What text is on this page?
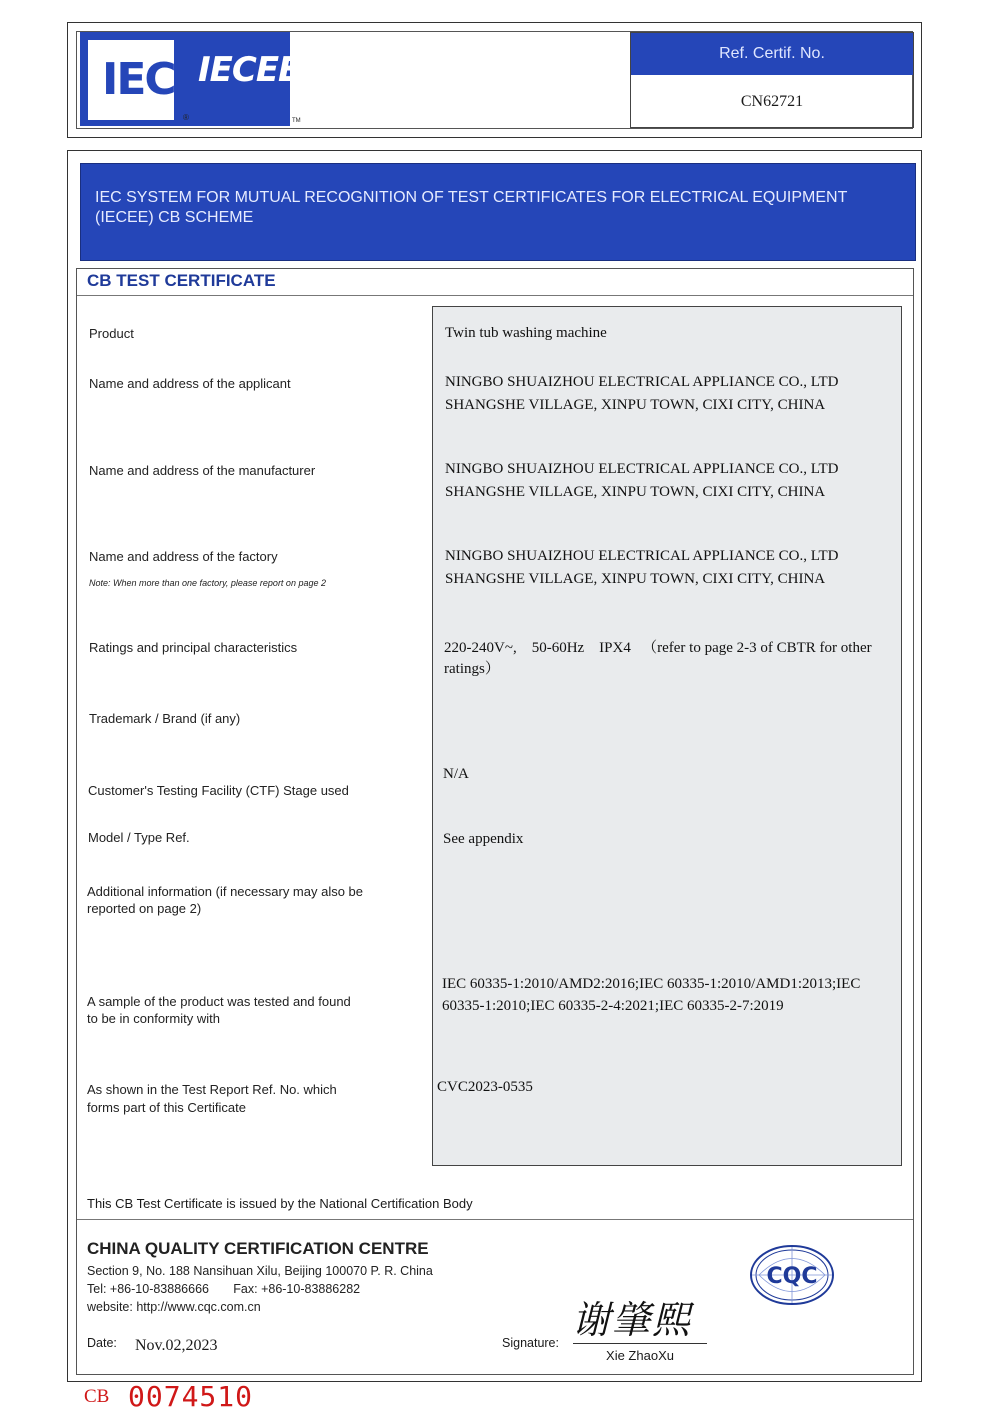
IEC IECEE
®	TM
Ref. Certif. No.
CN62721
IEC SYSTEM FOR MUTUAL RECOGNITION OF TEST CERTIFICATES FOR ELECTRICAL EQUIPMENT (IECEE) CB SCHEME
CB TEST CERTIFICATE
Product
Name and address of the applicant
Name and address of the manufacturer
Name and address of the factory
Note: When more than one factory, please report on page 2
Ratings and principal characteristics
Trademark / Brand (if any)
Customer's Testing Facility (CTF) Stage used
Model / Type Ref.
Additional information (if necessary may also be
reported on page 2)
A sample of the product was tested and found
to be in conformity with
As shown in the Test Report Ref. No. which
forms part of this Certificate
Twin tub washing machine
NINGBO SHUAIZHOU ELECTRICAL APPLIANCE CO., LTD
SHANGSHE VILLAGE, XINPU TOWN, CIXI CITY, CHINA
NINGBO SHUAIZHOU ELECTRICAL APPLIANCE CO., LTD
SHANGSHE VILLAGE, XINPU TOWN, CIXI CITY, CHINA
NINGBO SHUAIZHOU ELECTRICAL APPLIANCE CO., LTD
SHANGSHE VILLAGE, XINPU TOWN, CIXI CITY, CHINA
220-240V~,    50-60Hz    IPX4   （refer to page 2-3 of CBTR for other
ratings）
N/A
See appendix
IEC 60335-1:2010/AMD2:2016;IEC 60335-1:2010/AMD1:2013;IEC
60335-1:2010;IEC 60335-2-4:2021;IEC 60335-2-7:2019
CVC2023-0535
This CB Test Certificate is issued by the National Certification Body
CHINA QUALITY CERTIFICATION CENTRE
Section 9, No. 188 Nansihuan Xilu, Beijing 100070 P. R. China
Tel: +86-10-83886666       Fax: +86-10-83886282
website: http://www.cqc.com.cn
Date: Nov.02,2023	Signature:
谢肇熙
Xie ZhaoXu
CQC
CB 0074510
